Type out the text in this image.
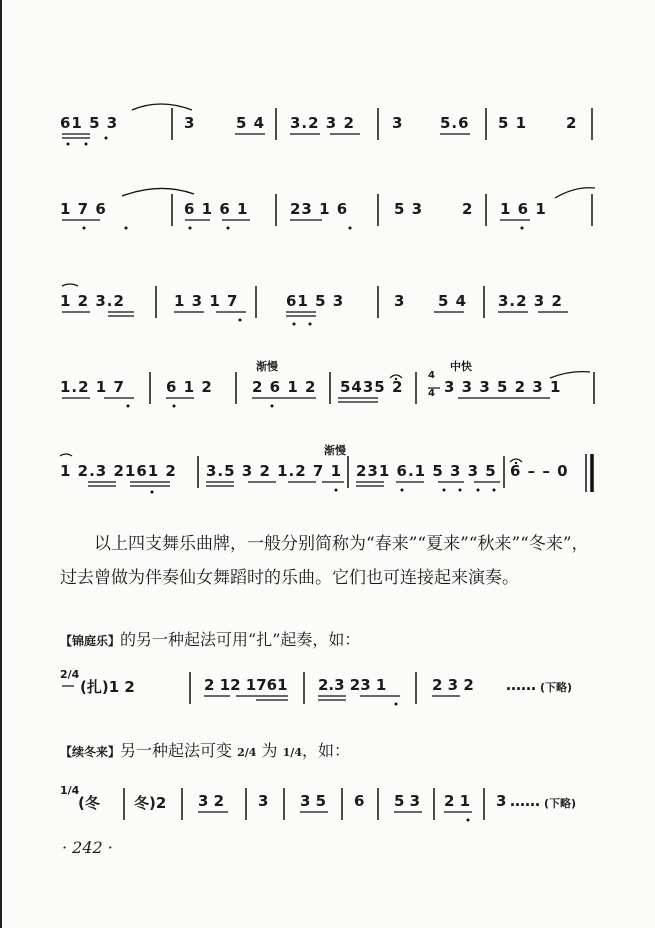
61 5 3	3	5 4 3.2 3 2 3 5.6 5 1	2
1 7 6	6 1 6 1	23 1 6	5 3	2 1 6 1
1 2 3.2	1 3 1 7	61 5 3	3 5 4 3.2 3 2
渐慢	中快
1.2 1 7	6 1 2	2 6 1 2 5435 2
4
4 3 3 3 5 2 3 1
渐慢
1 2.3 2161 2 3.5 3 2 1.2 7 1 231 6.1 5 3 3 5 6 – – 0
以上四支舞乐曲牌，一般分别简称为“春来”“夏来”“秋来”“冬来”，过去曾做为伴奏仙女舞蹈时的乐曲。它们也可连接起来演奏。
【锦庭乐】的另一种起法可用“扎”起奏，如：
2/4
(扎)1 2	2 12 1761 2.3 23 1	2 3 2 …… (下略)
【续冬来】另一种起法可变 2/4 为 1/4，如：
1/4
(冬 冬)2 3 2 3 3 5 6 5 3 2 1 3 …… (下略)
· 242 ·
